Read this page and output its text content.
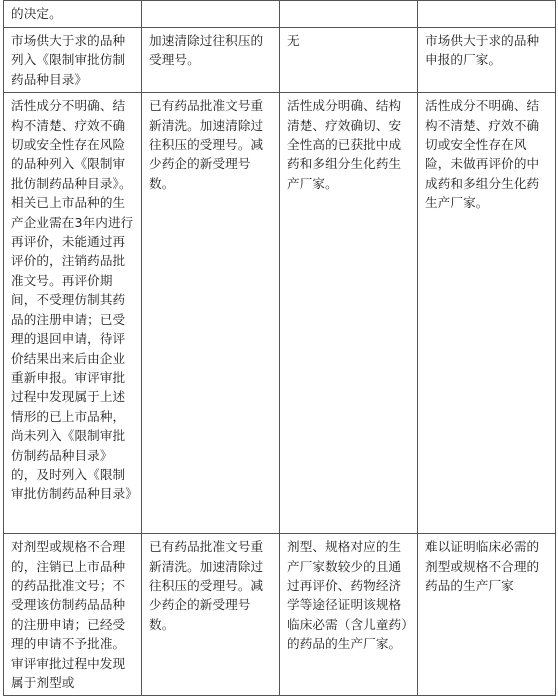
的决定。			
市场供大于求的品种列入《限制审批仿制药品种目录》	加速清除过往积压的受理号。	无	市场供大于求的品种申报的厂家。
活性成分不明确、结构不清楚、疗效不确切或安全性存在风险的品种列入《限制审批仿制药品种目录》。相关已上市品种的生产企业需在3年内进行再评价，未能通过再评价的，注销药品批准文号。再评价期间，不受理仿制其药品的注册申请；已受理的退回申请，待评价结果出来后由企业重新申报。审评审批过程中发现属于上述情形的已上市品种，尚未列入《限制审批仿制药品种目录》的，及时列入《限制审批仿制药品种目录》	已有药品批准文号重新清洗。加速清除过往积压的受理号。减少药企的新受理号数。	活性成分明确、结构清楚、疗效确切、安全性高的已获批中成药和多组分生化药生产厂家。	活性成分不明确、结构不清楚、疗效不确切或安全性存在风险，未做再评价的中成药和多组分生化药生产厂家。
对剂型或规格不合理的，注销已上市品种的药品批准文号；不受理该仿制药品品种的注册申请；已经受理的申请不予批准。审评审批过程中发现属于剂型或	已有药品批准文号重新清洗。加速清除过往积压的受理号。减少药企的新受理号数。	剂型、规格对应的生产厂家数较少的且通过再评价、药物经济学等途径证明该规格临床必需（含儿童药）的药品的生产厂家。	难以证明临床必需的剂型或规格不合理的药品的生产厂家
